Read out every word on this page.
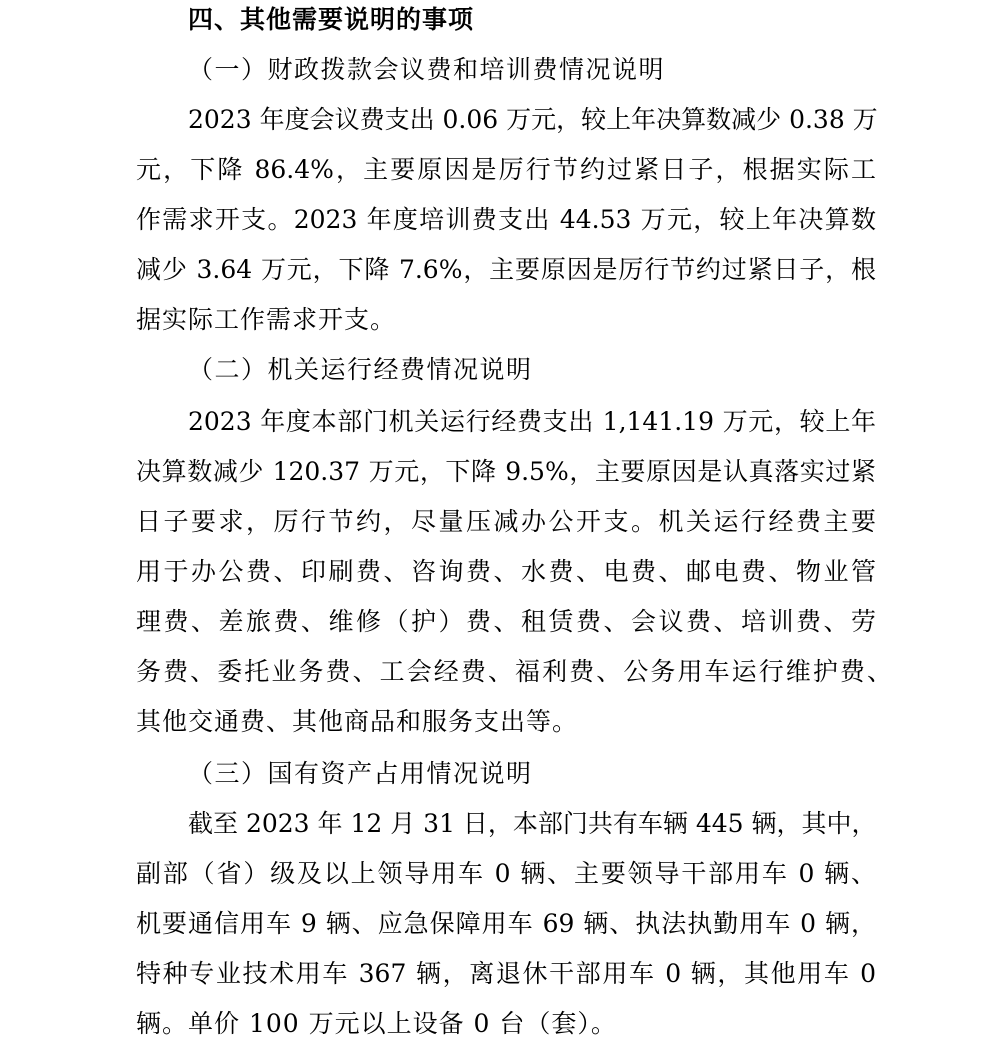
四、其他需要说明的事项
（一）财政拨款会议费和培训费情况说明
2023 年度会议费支出 0.06 万元，较上年决算数减少 0.38 万
元，下降 86.4%，主要原因是厉行节约过紧日子，根据实际工
作需求开支。2023 年度培训费支出 44.53 万元，较上年决算数
减少 3.64 万元，下降 7.6%，主要原因是厉行节约过紧日子，根
据实际工作需求开支。
（二）机关运行经费情况说明
2023 年度本部门机关运行经费支出 1,141.19 万元，较上年
决算数减少 120.37 万元，下降 9.5%，主要原因是认真落实过紧
日子要求，厉行节约，尽量压减办公开支。机关运行经费主要
用于办公费、印刷费、咨询费、水费、电费、邮电费、物业管
理费、差旅费、维修（护）费、租赁费、会议费、培训费、劳
务费、委托业务费、工会经费、福利费、公务用车运行维护费、
其他交通费、其他商品和服务支出等。
（三）国有资产占用情况说明
截至 2023 年 12 月 31 日，本部门共有车辆 445 辆，其中，
副部（省）级及以上领导用车 0 辆、主要领导干部用车 0 辆、
机要通信用车 9 辆、应急保障用车 69 辆、执法执勤用车 0 辆，
特种专业技术用车 367 辆，离退休干部用车 0 辆，其他用车 0
辆。单价 100 万元以上设备 0 台（套）。
